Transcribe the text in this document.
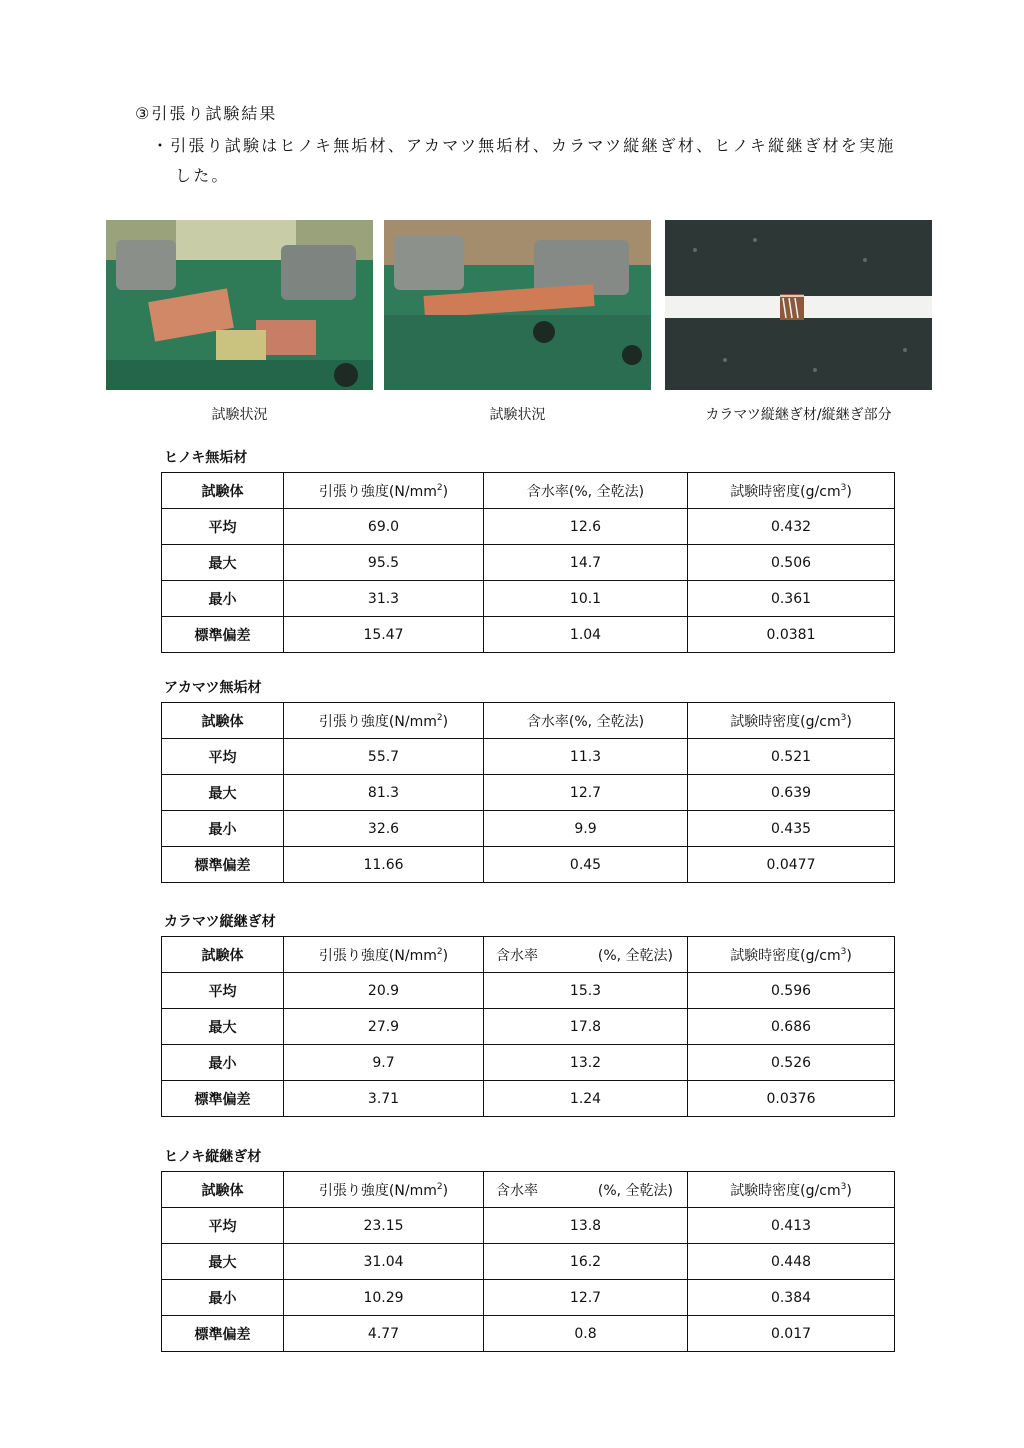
③引張り試験結果
・引張り試験はヒノキ無垢材、アカマツ無垢材、カラマツ縦継ぎ材、ヒノキ縦継ぎ材を実施
した。
試験状況	試験状況	カラマツ縦継ぎ材/縦継ぎ部分
ヒノキ無垢材
試験体	引張り強度$(N/mm^2)$	含水率(%, 全乾法)	試験時密度$(g/cm^3)$
平均	69.0	12.6	0.432
最大	95.5	14.7	0.506
最小	31.3	10.1	0.361
標準偏差	15.47	1.04	0.0381
アカマツ無垢材
試験体	引張り強度$(N/mm^2)$	含水率(%, 全乾法)	試験時密度$(g/cm^3)$
平均	55.7	11.3	0.521
最大	81.3	12.7	0.639
最小	32.6	9.9	0.435
標準偏差	11.66	0.45	0.0477
カラマツ縦継ぎ材
試験体	引張り強度$(N/mm^2)$	含水率 (%, 全乾法)	試験時密度$(g/cm^3)$
平均	20.9	15.3	0.596
最大	27.9	17.8	0.686
最小	9.7	13.2	0.526
標準偏差	3.71	1.24	0.0376
ヒノキ縦継ぎ材
試験体	引張り強度$(N/mm^2)$	含水率 (%, 全乾法)	試験時密度$(g/cm^3)$
平均	23.15	13.8	0.413
最大	31.04	16.2	0.448
最小	10.29	12.7	0.384
標準偏差	4.77	0.8	0.017
